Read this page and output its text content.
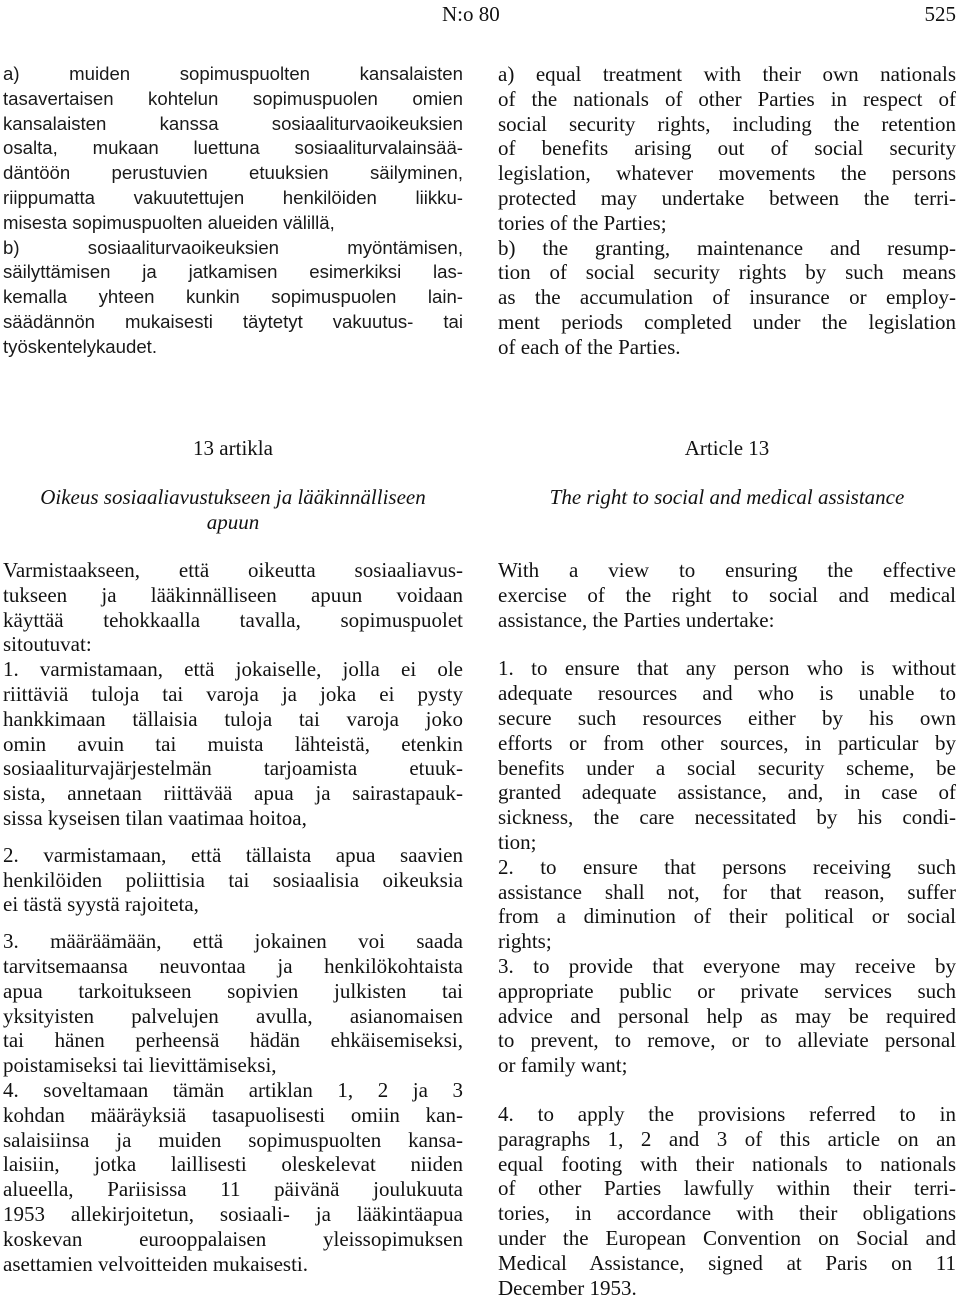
N:o 80	525
a) muiden sopimuspuolten kansalaisten
tasavertaisen kohtelun sopimuspuolen omien
kansalaisten kanssa sosiaaliturvaoikeuksien
osalta, mukaan luettuna sosiaaliturvalainsää-
däntöön perustuvien etuuksien säilyminen,
riippumatta vakuutettujen henkilöiden liikku-
misesta sopimuspuolten alueiden välillä,
b) sosiaaliturvaoikeuksien myöntämisen,
säilyttämisen ja jatkamisen esimerkiksi las-
kemalla yhteen kunkin sopimuspuolen lain-
säädännön mukaisesti täytetyt vakuutus- tai
työskentelykaudet.
a) equal treatment with their own nationals
of the nationals of other Parties in respect of
social security rights, including the retention
of benefits arising out of social security
legislation, whatever movements the persons
protected may undertake between the terri-
tories of the Parties;
b) the granting, maintenance and resump-
tion of social security rights by such means
as the accumulation of insurance or employ-
ment periods completed under the legislation
of each of the Parties.
13 artikla
Oikeus sosiaaliavustukseen ja lääkinnälliseen
apuun
Article 13
The right to social and medical assistance
Varmistaakseen, että oikeutta sosiaaliavus-
tukseen ja lääkinnälliseen apuun voidaan
käyttää tehokkaalla tavalla, sopimuspuolet
sitoutuvat:
1. varmistamaan, että jokaiselle, jolla ei ole
riittäviä tuloja tai varoja ja joka ei pysty
hankkimaan tällaisia tuloja tai varoja joko
omin avuin tai muista lähteistä, etenkin
sosiaaliturvajärjestelmän tarjoamista etuuk-
sista, annetaan riittävää apua ja sairastapauk-
sissa kyseisen tilan vaatimaa hoitoa,
2. varmistamaan, että tällaista apua saavien
henkilöiden poliittisia tai sosiaalisia oikeuksia
ei tästä syystä rajoiteta,
3. määräämään, että jokainen voi saada
tarvitsemaansa neuvontaa ja henkilökohtaista
apua tarkoitukseen sopivien julkisten tai
yksityisten palvelujen avulla, asianomaisen
tai hänen perheensä hädän ehkäisemiseksi,
poistamiseksi tai lievittämiseksi,
4. soveltamaan tämän artiklan 1, 2 ja 3
kohdan määräyksiä tasapuolisesti omiin kan-
salaisiinsa ja muiden sopimuspuolten kansa-
laisiin, jotka laillisesti oleskelevat niiden
alueella, Pariisissa 11 päivänä joulukuuta
1953 allekirjoitetun, sosiaali- ja lääkintäapua
koskevan eurooppalaisen yleissopimuksen
asettamien velvoitteiden mukaisesti.
With a view to ensuring the effective
exercise of the right to social and medical
assistance, the Parties undertake:
1. to ensure that any person who is without
adequate resources and who is unable to
secure such resources either by his own
efforts or from other sources, in particular by
benefits under a social security scheme, be
granted adequate assistance, and, in case of
sickness, the care necessitated by his condi-
tion;
2. to ensure that persons receiving such
assistance shall not, for that reason, suffer
from a diminution of their political or social
rights;
3. to provide that everyone may receive by
appropriate public or private services such
advice and personal help as may be required
to prevent, to remove, or to alleviate personal
or family want;
4. to apply the provisions referred to in
paragraphs 1, 2 and 3 of this article on an
equal footing with their nationals to nationals
of other Parties lawfully within their terri-
tories, in accordance with their obligations
under the European Convention on Social and
Medical Assistance, signed at Paris on 11
December 1953.
